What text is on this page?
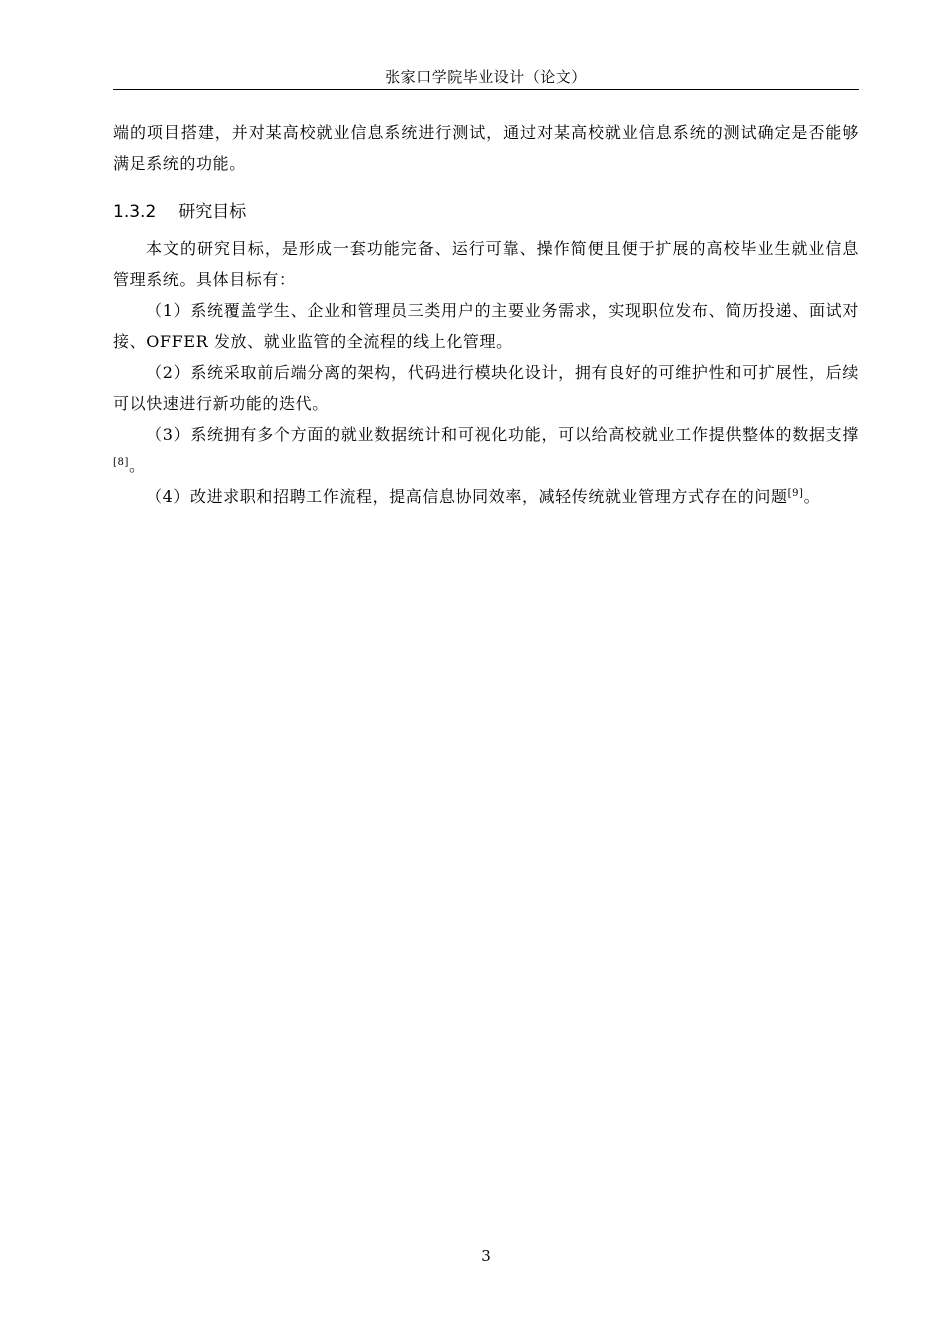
张家口学院毕业设计（论文）

端的项目搭建，并对某高校就业信息系统进行测试，通过对某高校就业信息系统的测试确定是否能够满足系统的功能。

1.3.2 研究目标

本文的研究目标，是形成一套功能完备、运行可靠、操作简便且便于扩展的高校毕业生就业信息管理系统。具体目标有：

（1）系统覆盖学生、企业和管理员三类用户的主要业务需求，实现职位发布、简历投递、面试对接、OFFER 发放、就业监管的全流程的线上化管理。

（2）系统采取前后端分离的架构，代码进行模块化设计，拥有良好的可维护性和可扩展性，后续可以快速进行新功能的迭代。

（3）系统拥有多个方面的就业数据统计和可视化功能，可以给高校就业工作提供整体的数据支撑[8]。

（4）改进求职和招聘工作流程，提高信息协同效率，减轻传统就业管理方式存在的问题[9]。

3
